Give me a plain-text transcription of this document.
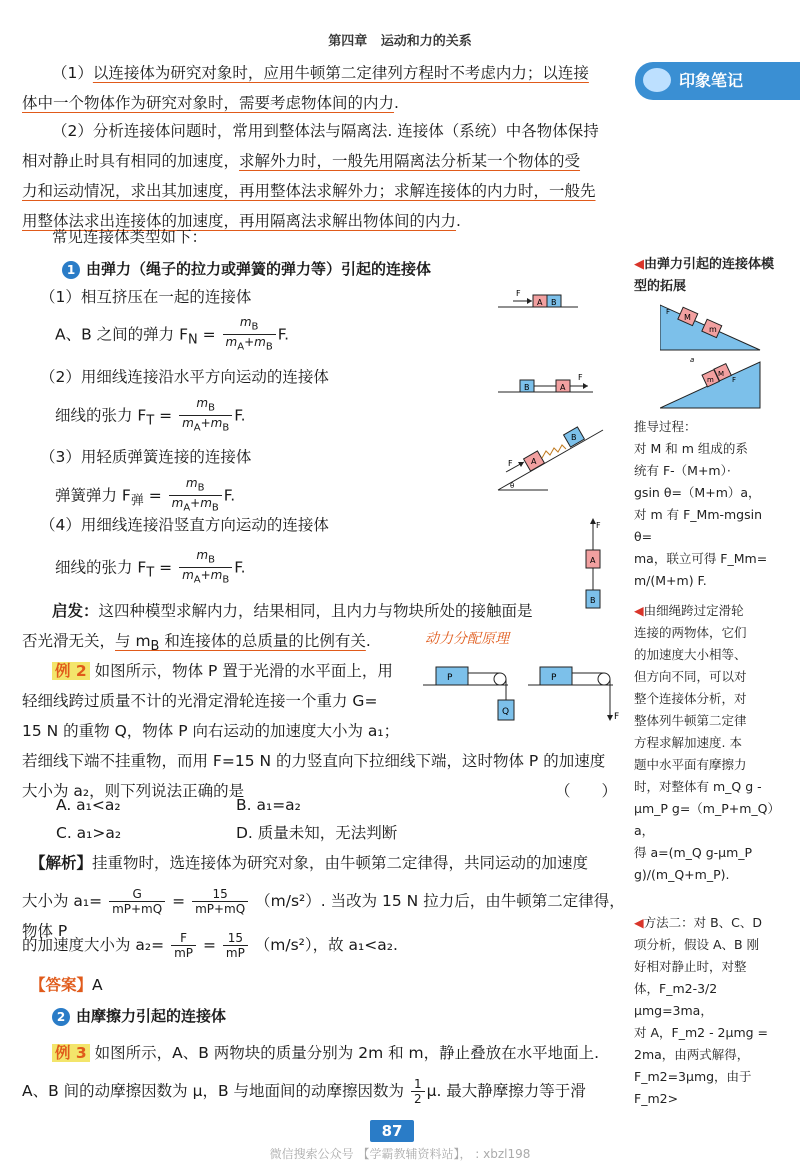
第四章 运动和力的关系
印象笔记
（1）以连接体为研究对象时，应用牛顿第二定律列方程时不考虑内力；以连接
体中一个物体作为研究对象时，需要考虑物体间的内力.
（2）分析连接体问题时，常用到整体法与隔离法. 连接体（系统）中各物体保持
相对静止时具有相同的加速度，求解外力时，一般先用隔离法分析某一个物体的受
力和运动情况，求出其加速度，再用整体法求解外力；求解连接体的内力时，一般先
用整体法求出连接体的加速度，再用隔离法求解出物体间的内力.
常见连接体类型如下：
1 由弹力（绳子的拉力或弹簧的弹力等）引起的连接体
（1）相互挤压在一起的连接体
A、B 之间的弹力 $F_N = \frac{m_B}{m_A+m_B} F$.
（2）用细线连接沿水平方向运动的连接体
细线的张力 $F_T = \frac{m_B}{m_A+m_B} F$.
（3）用轻质弹簧连接的连接体
弹簧弹力 $F_弹 = \frac{m_B}{m_A+m_B} F$.
（4）用细线连接沿竖直方向运动的连接体
细线的张力 $F_T = \frac{m_B}{m_A+m_B} F$.
A B
F
B	A
F
A
B
F
θ
F
A
B
启发：这四种模型求解内力，结果相同，且内力与物块所处的接触面是
否光滑无关，与 $m_B$ 和连接体的总质量的比例有关.	动力分配原理
例 2 如图所示，物体 P 置于光滑的水平面上，用
轻细线跨过质量不计的光滑定滑轮连接一个重力 G=
15 N 的重物 Q，物体 P 向右运动的加速度大小为 a₁；
若细线下端不挂重物，而用 F=15 N 的力竖直向下拉细线下端，这时物体 P 的加速度
大小为 a₂，则下列说法正确的是	（　　）
P
Q
P
F
A. a₁<a₂	B. a₁=a₂
C. a₁>a₂	D. 质量未知，无法判断
【解析】挂重物时，选连接体为研究对象，由牛顿第二定律得，共同运动的加速度
大小为 $a_1= \frac{G}{mP+mQ} = \frac{15}{mP+mQ} (m/s^2)$. 当改为 15 N 拉力后，由牛顿第二定律得，物体 P
的加速度大小为 $a_2= \frac{F}{mP} = \frac{15}{mP} (m/s^2)$，故 a₁<a₂.
【答案】A
2 由摩擦力引起的连接体
例 3 如图所示，A、B 两物块的质量分别为 2m 和 m，静止叠放在水平地面上.
A、B 间的动摩擦因数为 μ，B 与地面间的动摩擦因数为 $\frac{1}{2} \mu$. 最大静摩擦力等于滑
◀由弹力引起的连接体模型的拓展
M
m
F
m
M
F
a
推导过程：
对 M 和 m 组成的系
统有 F-（M+m）·
gsin θ=（M+m）a，
对 m 有 F_Mm-mgsin θ=
ma，联立可得 F_Mm=
m/(M+m) F.
◀由细绳跨过定滑轮
连接的两物体，它们
的加速度大小相等、
但方向不同，可以对
整个连接体分析，对
整体列牛顿第二定律
方程求解加速度. 本
题中水平面有摩擦力
时，对整体有 m_Q g -
μm_P g=（m_P+m_Q）a，
得 a=(m_Q g-μm_P g)/(m_Q+m_P).
◀方法二：对 B、C、D
项分析，假设 A、B 刚
好相对静止时，对整
体，F_m2-3/2 μmg=3ma，
对 A，F_m2 - 2μmg =
2ma，由两式解得，
F_m2=3μmg，由于 F_m2>
87
微信搜索公众号 【学霸教辅资料站】， : xbzl198
